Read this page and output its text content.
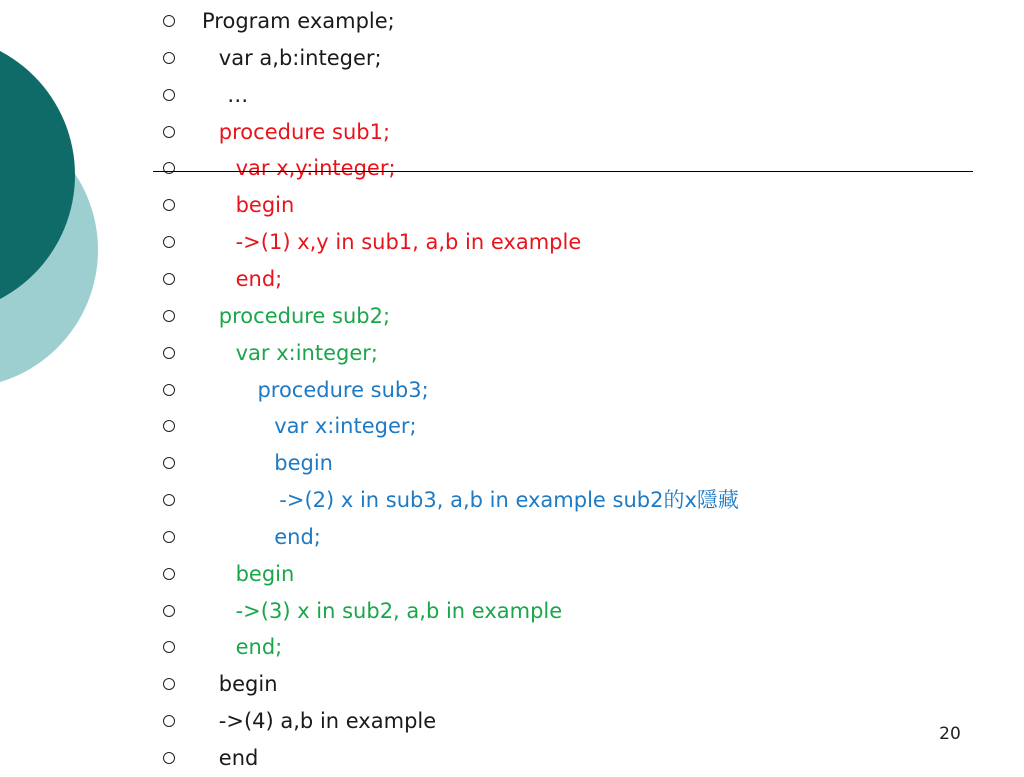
Program example;
var a,b:integer;
…
procedure sub1;
var x,y:integer;
begin
->(1) x,y in sub1, a,b in example
end;
procedure sub2;
var x:integer;
procedure sub3;
var x:integer;
begin
->(2) x in sub3, a,b in example sub2的x隱藏
end;
begin
->(3) x in sub2, a,b in example
end;
begin
->(4) a,b in example
end
20
